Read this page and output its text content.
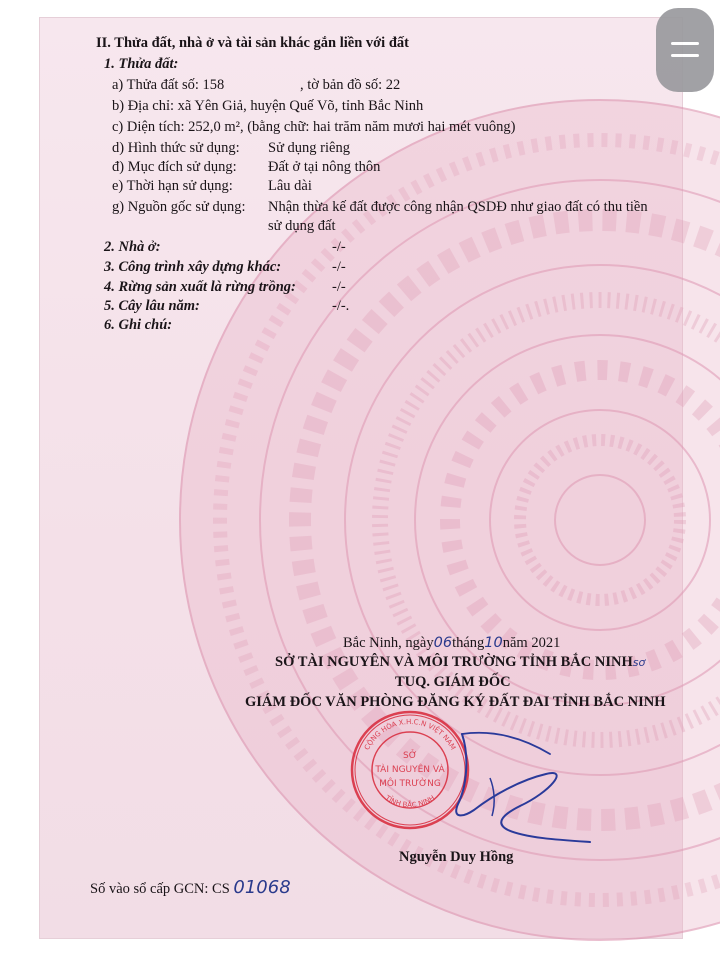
II. Thửa đất, nhà ở và tài sản khác gắn liền với đất
1. Thửa đất:
a) Thửa đất số: 158	, tờ bản đồ số: 22
b) Địa chỉ: xã Yên Giả, huyện Quế Võ, tỉnh Bắc Ninh
c) Diện tích: 252,0 m², (bằng chữ: hai trăm năm mươi hai mét vuông)
d) Hình thức sử dụng: Sử dụng riêng
đ) Mục đích sử dụng: Đất ở tại nông thôn
e) Thời hạn sử dụng: Lâu dài
g) Nguồn gốc sử dụng: Nhận thừa kế đất được công nhận QSDĐ như giao đất có thu tiền
sử dụng đất
2. Nhà ở:	-/-
3. Công trình xây dựng khác:	-/-
4. Rừng sản xuất là rừng trồng: -/-
5. Cây lâu năm:	-/-.
6. Ghi chú:
Bắc Ninh, ngày06tháng10năm 2021
SỞ TÀI NGUYÊN VÀ MÔI TRƯỜNG TỈNH BẮC NINHsơ
TUQ. GIÁM ĐỐC
GIÁM ĐỐC VĂN PHÒNG ĐĂNG KÝ ĐẤT ĐAI TỈNH BẮC NINH
CỘNG HÒA X.H.C.N VIỆT NAM
TỈNH BẮC NINH
SỞ
TÀI NGUYÊN VÀ
MÔI TRƯỜNG
Nguyễn Duy Hồng
Số vào sổ cấp GCN: CS 01068
